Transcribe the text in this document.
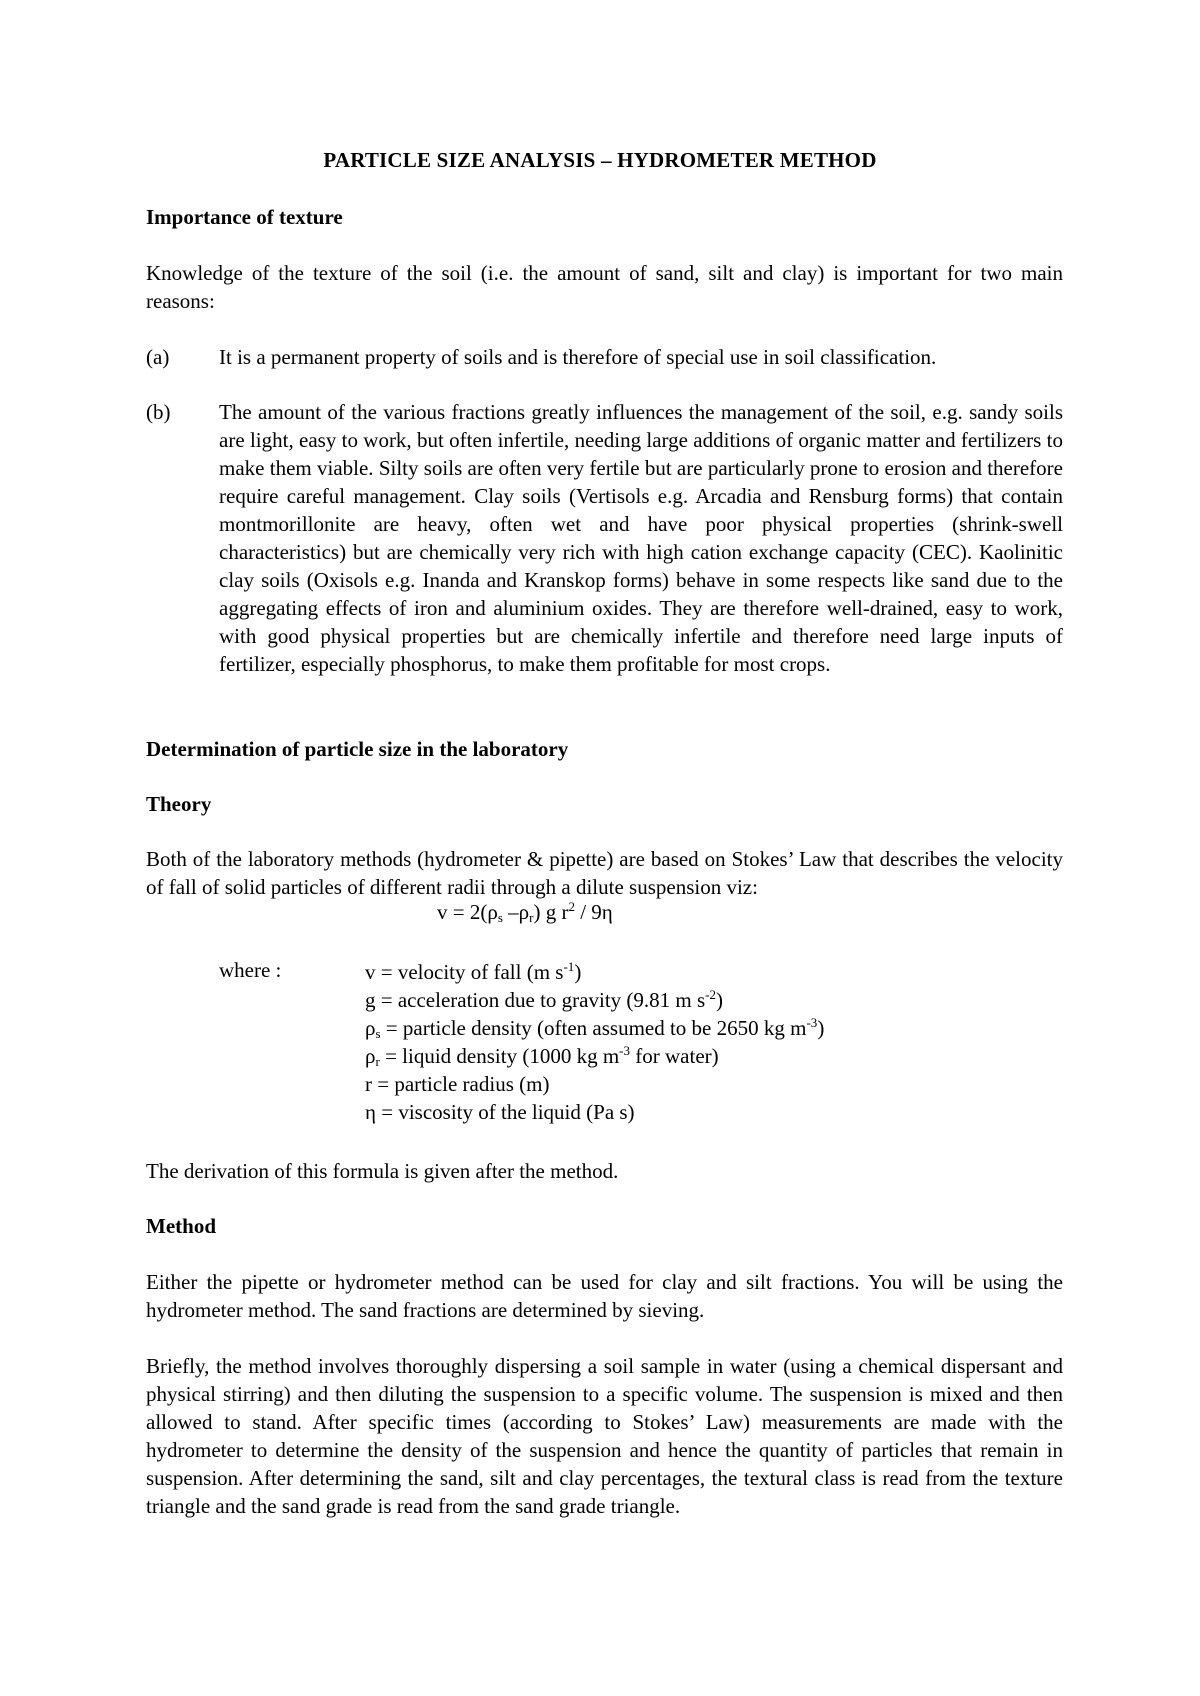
PARTICLE SIZE ANALYSIS – HYDROMETER METHOD
Importance of texture

Knowledge of the texture of the soil (i.e. the amount of sand, silt and clay) is important for two main reasons:

(a)	It is a permanent property of soils and is therefore of special use in soil classification.
(b)	The amount of the various fractions greatly influences the management of the soil, e.g. sandy soils are light, easy to work, but often infertile, needing large additions of organic matter and fertilizers to make them viable. Silty soils are often very fertile but are particularly prone to erosion and therefore require careful management. Clay soils (Vertisols e.g. Arcadia and Rensburg forms) that contain montmorillonite are heavy, often wet and have poor physical properties (shrink-swell characteristics) but are chemically very rich with high cation exchange capacity (CEC). Kaolinitic clay soils (Oxisols e.g. Inanda and Kranskop forms) behave in some respects like sand due to the aggregating effects of iron and aluminium oxides. They are therefore well-drained, easy to work, with good physical properties but are chemically infertile and therefore need large inputs of fertilizer, especially phosphorus, to make them profitable for most crops.
Determination of particle size in the laboratory
Theory

Both of the laboratory methods (hydrometer & pipette) are based on Stokes’ Law that describes the velocity of fall of solid particles of different radii through a dilute suspension viz:

$v = 2(\rho_s$ $-\rho_r$) g $r^2 / 9\eta$
where :	v = velocity of fall (m $s^{-1}$)
g = acceleration due to gravity (9.81 m $s^{-2}$)
$\rho_s$ = particle density (often assumed to be 2650 kg $m^{-3}$)
$\rho_r$ = liquid density (1000 kg $m^{-3}$ for water)
r = particle radius (m)
η = viscosity of the liquid (Pa s)

The derivation of this formula is given after the method.

Method

Either the pipette or hydrometer method can be used for clay and silt fractions. You will be using the hydrometer method. The sand fractions are determined by sieving.

Briefly, the method involves thoroughly dispersing a soil sample in water (using a chemical dispersant and physical stirring) and then diluting the suspension to a specific volume. The suspension is mixed and then allowed to stand. After specific times (according to Stokes’ Law) measurements are made with the hydrometer to determine the density of the suspension and hence the quantity of particles that remain in suspension. After determining the sand, silt and clay percentages, the textural class is read from the texture triangle and the sand grade is read from the sand grade triangle.
